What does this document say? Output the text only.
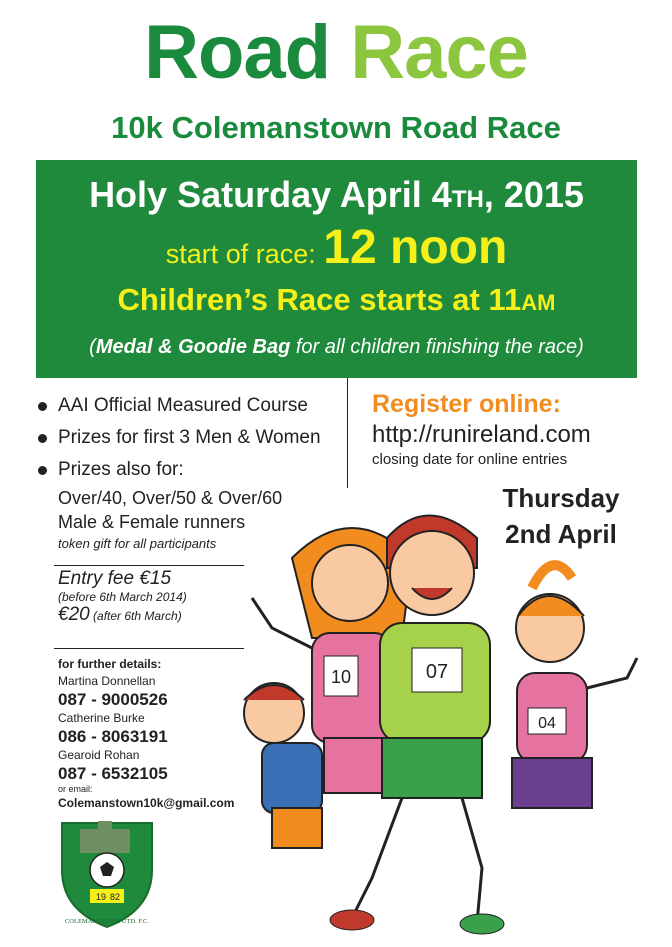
Road Race
10k Colemanstown Road Race
Holy Saturday April 4TH, 2015
start of race: 12 noon
Children’s Race starts at 11AM
(Medal & Goodie Bag for all children finishing the race)
AAI Official Measured Course
Prizes for first 3 Men & Women
Prizes also for:
Over/40, Over/50 & Over/60
Male & Female runners
token gift for all participants
Entry fee €15
(before 6th March 2014)
€20 (after 6th March)
for further details:
Martina Donnellan
087 - 9000526
Catherine Burke
086 - 8063191
Gearoid Rohan
087 - 6532105
or email:
Colemanstown10k@gmail.com
Register online:
http://runireland.com
closing date for online entries
Thursday
2nd April
19 82
COLEMANSTOWN UTD. F.C.
04
10	07
